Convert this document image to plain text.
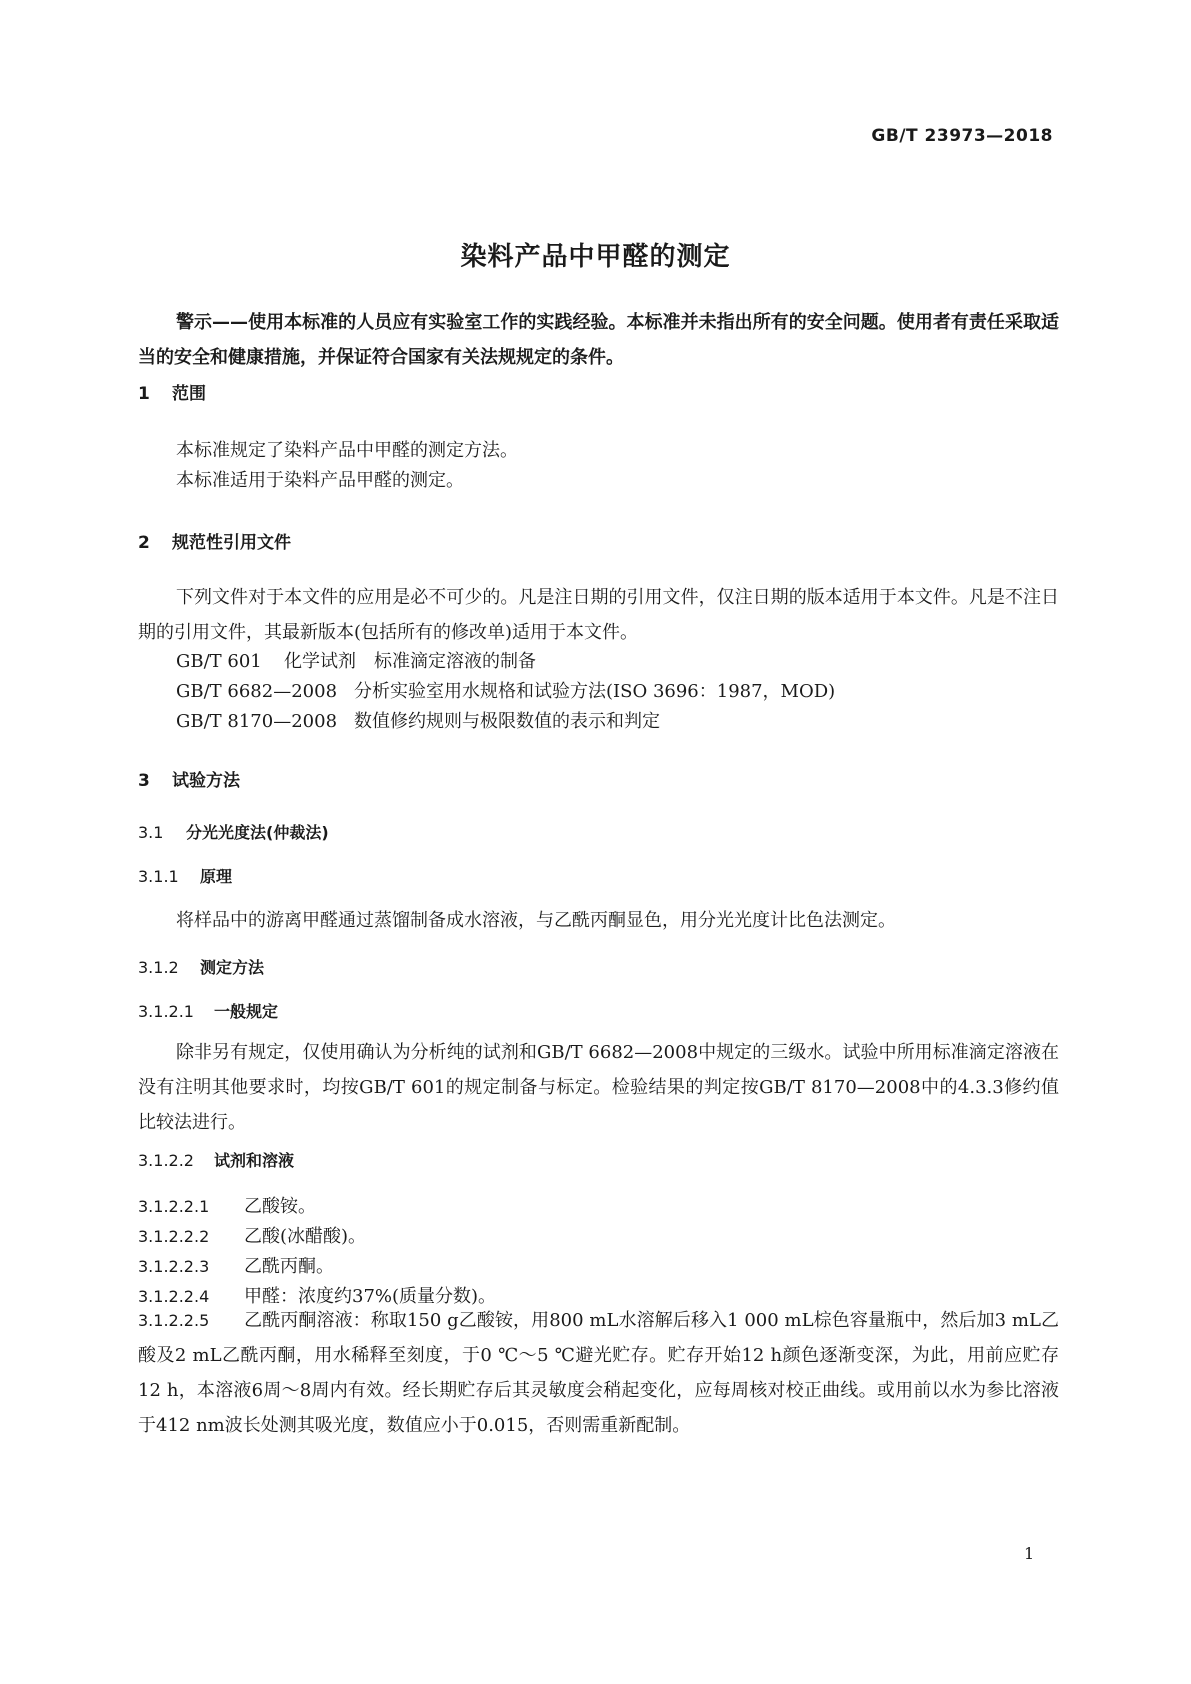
GB/T 23973—2018
染料产品中甲醛的测定

警示——使用本标准的人员应有实验室工作的实践经验。本标准并未指出所有的安全问题。使用者有责任采取适当的安全和健康措施，并保证符合国家有关法规规定的条件。

1 范围
本标准规定了染料产品中甲醛的测定方法。
本标准适用于染料产品甲醛的测定。
2 规范性引用文件

下列文件对于本文件的应用是必不可少的。凡是注日期的引用文件，仅注日期的版本适用于本文件。凡是不注日期的引用文件，其最新版本(包括所有的修改单)适用于本文件。

GB/T 601 化学试剂　标准滴定溶液的制备
GB/T 6682—2008 分析实验室用水规格和试验方法(ISO 3696：1987，MOD)
GB/T 8170—2008 数值修约规则与极限数值的表示和判定
3 试验方法
3.1 分光光度法(仲裁法)
3.1.1 原理
将样品中的游离甲醛通过蒸馏制备成水溶液，与乙酰丙酮显色，用分光光度计比色法测定。
3.1.2 测定方法
3.1.2.1 一般规定

除非另有规定，仅使用确认为分析纯的试剂和GB/T 6682—2008中规定的三级水。试验中所用标准滴定溶液在没有注明其他要求时，均按GB/T 601的规定制备与标定。检验结果的判定按GB/T 8170—2008中的4.3.3修约值比较法进行。

3.1.2.2 试剂和溶液
3.1.2.2.1 乙酸铵。
3.1.2.2.2 乙酸(冰醋酸)。
3.1.2.2.3 乙酰丙酮。
3.1.2.2.4 甲醛：浓度约37%(质量分数)。

3.1.2.2.5 乙酰丙酮溶液：称取150 g乙酸铵，用800 mL水溶解后移入1 000 mL棕色容量瓶中，然后加3 mL乙酸及2 mL乙酰丙酮，用水稀释至刻度，于0 ℃～5 ℃避光贮存。贮存开始12 h颜色逐渐变深，为此，用前应贮存12 h，本溶液6周～8周内有效。经长期贮存后其灵敏度会稍起变化，应每周核对校正曲线。或用前以水为参比溶液于412 nm波长处测其吸光度，数值应小于0.015，否则需重新配制。

1
